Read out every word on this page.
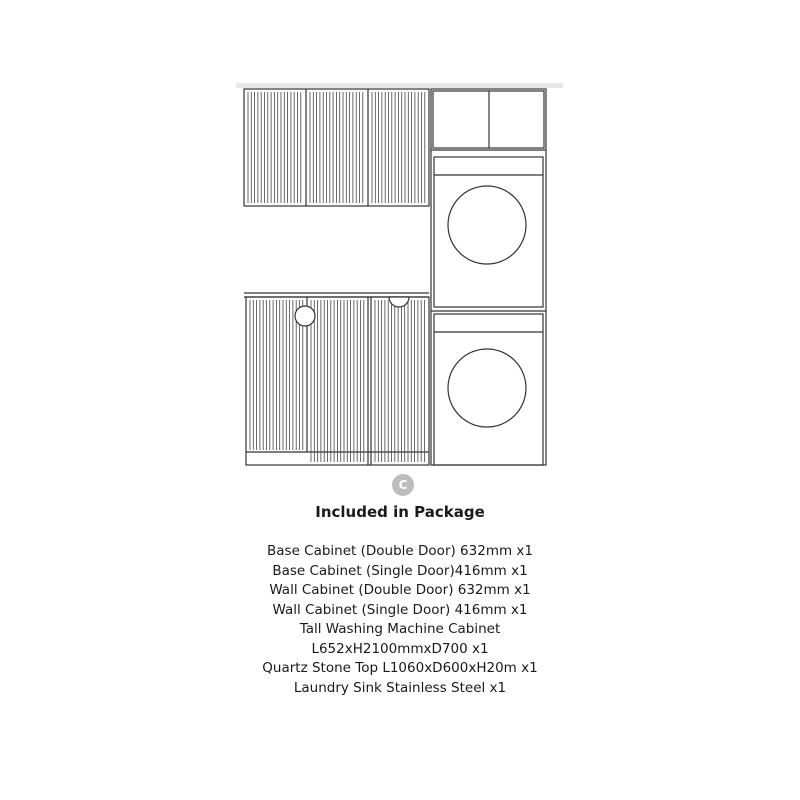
C
Included in Package
Base Cabinet (Double Door) 632mm x1
Base Cabinet (Single Door)416mm x1
Wall Cabinet (Double Door) 632mm x1
Wall Cabinet (Single Door) 416mm x1
Tall Washing Machine Cabinet
L652xH2100mmxD700 x1
Quartz Stone Top L1060xD600xH20m x1
Laundry Sink Stainless Steel x1
